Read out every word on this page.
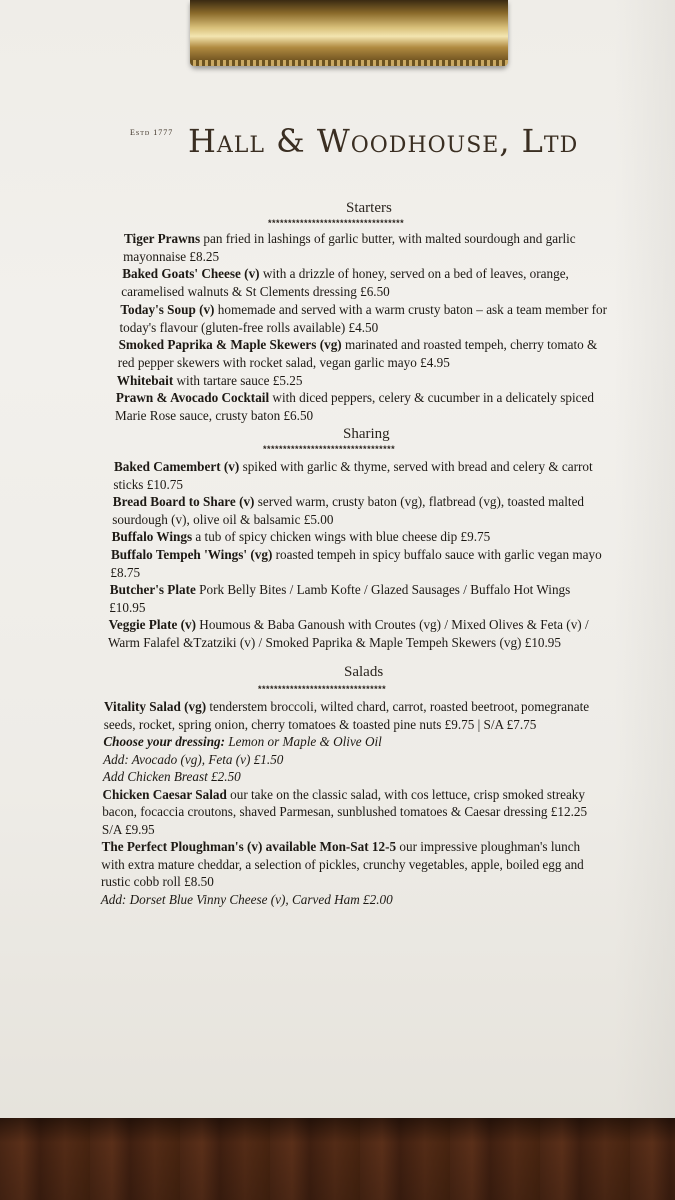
Estd 1777 Hall & Woodhouse, Ltd
Starters
**********************************
Tiger Prawns pan fried in lashings of garlic butter, with malted sourdough and garlic
mayonnaise £8.25
Baked Goats' Cheese (v) with a drizzle of honey, served on a bed of leaves, orange,
caramelised walnuts & St Clements dressing £6.50
Today's Soup (v) homemade and served with a warm crusty baton – ask a team member for
today's flavour (gluten-free rolls available) £4.50
Smoked Paprika & Maple Skewers (vg) marinated and roasted tempeh, cherry tomato &
red pepper skewers with rocket salad, vegan garlic mayo £4.95
Whitebait with tartare sauce £5.25
Prawn & Avocado Cocktail with diced peppers, celery & cucumber in a delicately spiced
Marie Rose sauce, crusty baton £6.50
Sharing
*********************************
Baked Camembert (v) spiked with garlic & thyme, served with bread and celery & carrot
sticks £10.75
Bread Board to Share (v) served warm, crusty baton (vg), flatbread (vg), toasted malted
sourdough (v), olive oil & balsamic £5.00
Buffalo Wings a tub of spicy chicken wings with blue cheese dip £9.75
Buffalo Tempeh 'Wings' (vg) roasted tempeh in spicy buffalo sauce with garlic vegan mayo
£8.75
Butcher's Plate Pork Belly Bites / Lamb Kofte / Glazed Sausages / Buffalo Hot Wings
£10.95
Veggie Plate (v) Houmous & Baba Ganoush with Croutes (vg) / Mixed Olives & Feta (v) /
Warm Falafel &Tzatziki (v) / Smoked Paprika & Maple Tempeh Skewers (vg) £10.95
Salads
********************************
Vitality Salad (vg) tenderstem broccoli, wilted chard, carrot, roasted beetroot, pomegranate
seeds, rocket, spring onion, cherry tomatoes & toasted pine nuts £9.75 | S/A £7.75
Choose your dressing: Lemon or Maple & Olive Oil
Add: Avocado (vg), Feta (v) £1.50
Add Chicken Breast £2.50
Chicken Caesar Salad our take on the classic salad, with cos lettuce, crisp smoked streaky
bacon, focaccia croutons, shaved Parmesan, sunblushed tomatoes & Caesar dressing £12.25
S/A £9.95
The Perfect Ploughman's (v) available Mon-Sat 12-5 our impressive ploughman's lunch
with extra mature cheddar, a selection of pickles, crunchy vegetables, apple, boiled egg and
rustic cobb roll £8.50
Add: Dorset Blue Vinny Cheese (v), Carved Ham £2.00
